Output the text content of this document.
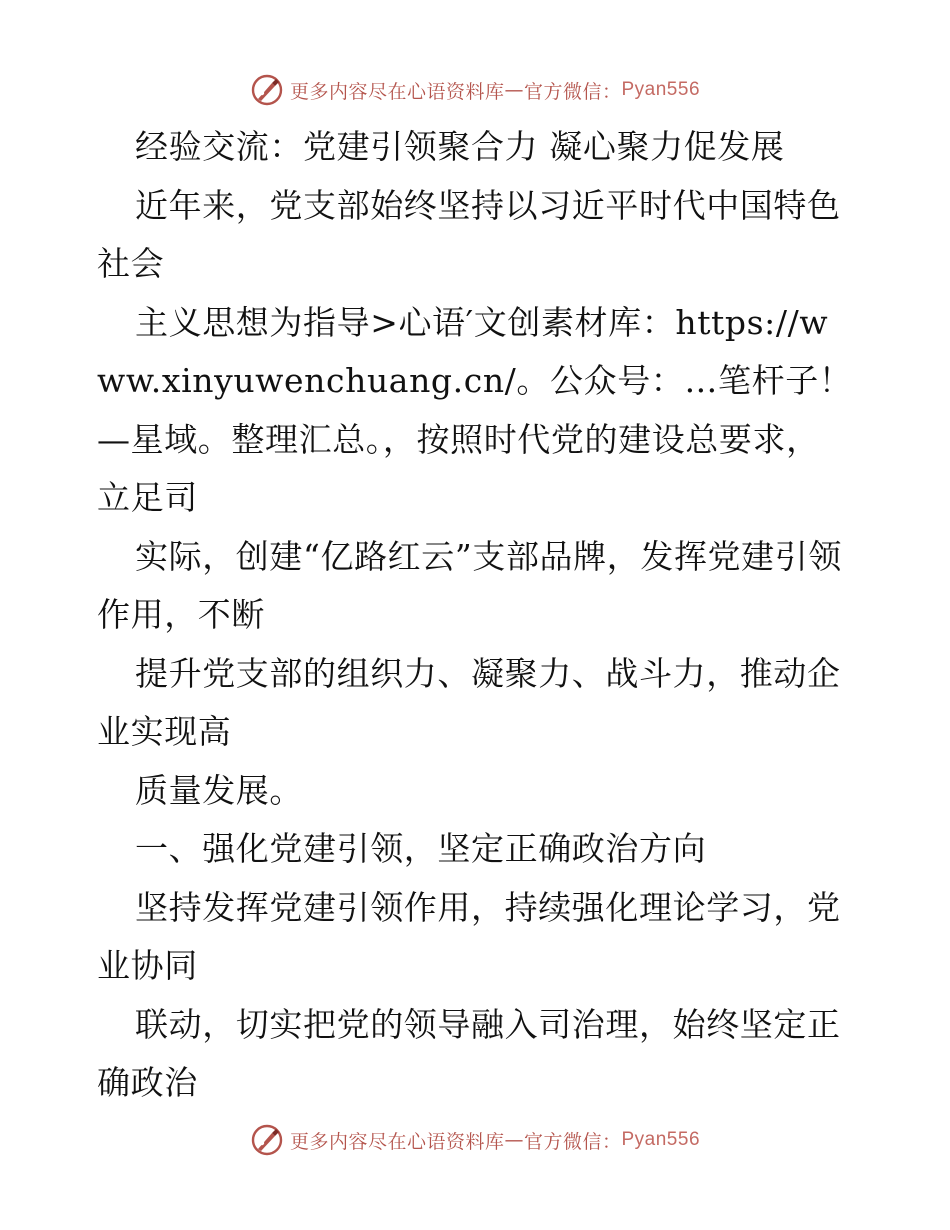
更多内容尽在心语资料库 — 官方微信： Pyan556

经验交流：党建引领聚合力 凝心聚力促发展

近年来，党支部始终坚持以习近平时代中国特色社会

主义思想为指导>心语′文创素材库：https://www.xinyuwenchuang.cn/。公众号：…笔杆子！—星域。整理汇总。，按照时代党的建设总要求，立足司

实际，创建“亿路红云”支部品牌，发挥党建引领作用，不断

提升党支部的组织力、凝聚力、战斗力，推动企业实现高

质量发展。

一、强化党建引领，坚定正确政治方向

坚持发挥党建引领作用，持续强化理论学习，党业协同

联动，切实把党的领导融入司治理，始终坚定正确政治

更多内容尽在心语资料库 — 官方微信： Pyan556
